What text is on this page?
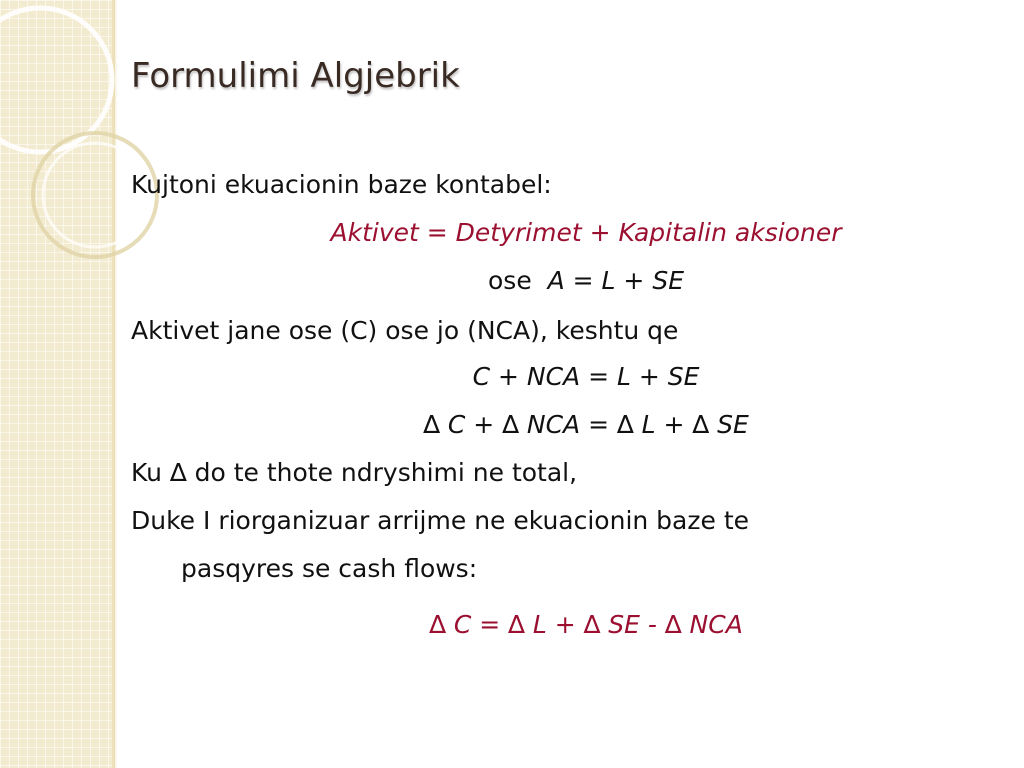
Formulimi Algjebrik
Kujtoni ekuacionin baze kontabel:
Aktivet = Detyrimet + Kapitalin aksioner
ose A = L + SE
Aktivet jane ose (C) ose jo (NCA), keshtu qe
C + NCA = L + SE
∆ C + ∆ NCA = ∆ L + ∆ SE
Ku ∆ do te thote ndryshimi ne total,
Duke I riorganizuar arrijme ne ekuacionin baze te
pasqyres se cash flows:
∆ C = ∆ L + ∆ SE - ∆ NCA
